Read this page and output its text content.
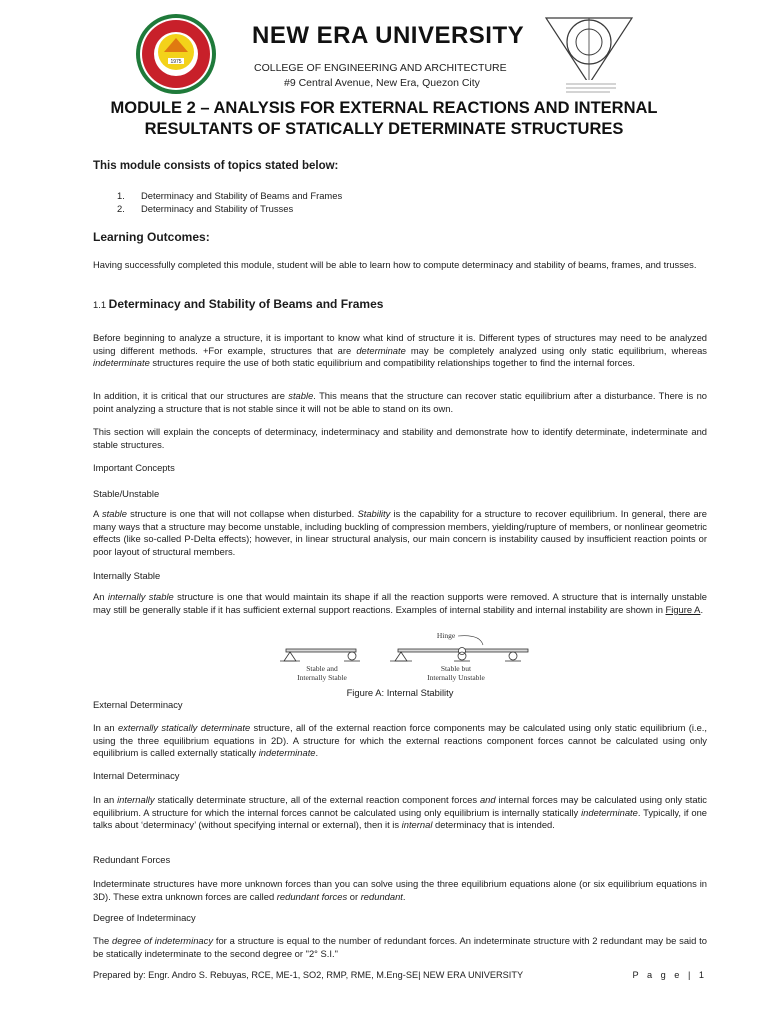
1975
NEW ERA UNIVERSITY
COLLEGE OF ENGINEERING AND ARCHITECTURE
#9 Central Avenue, New Era, Quezon City
MODULE 2 – ANALYSIS FOR EXTERNAL REACTIONS AND INTERNAL
RESULTANTS OF STATICALLY DETERMINATE STRUCTURES
This module consists of topics stated below:
1.	Determinacy and Stability of Beams and Frames
2.	Determinacy and Stability of Trusses
Learning Outcomes:

Having successfully completed this module, student will be able to learn how to compute determinacy and stability of beams, frames, and trusses.

1.1 Determinacy and Stability of Beams and Frames

Before beginning to analyze a structure, it is important to know what kind of structure it is. Different types of structures may need to be analyzed using different methods. +For example, structures that are determinate may be completely analyzed using only static equilibrium, whereas indeterminate structures require the use of both static equilibrium and compatibility relationships together to find the internal forces.

In addition, it is critical that our structures are stable. This means that the structure can recover static equilibrium after a disturbance. There is no point analyzing a structure that is not stable since it will not be able to stand on its own.

This section will explain the concepts of determinacy, indeterminacy and stability and demonstrate how to identify determinate, indeterminate and stable structures.

Important Concepts
Stable/Unstable

A stable structure is one that will not collapse when disturbed. Stability is the capability for a structure to recover equilibrium. In general, there are many ways that a structure may become unstable, including buckling of compression members, yielding/rupture of members, or nonlinear geometric effects (like so-called P-Delta effects); however, in linear structural analysis, our main concern is instability caused by insufficient reaction points or poor layout of structural members.

Internally Stable

An internally stable structure is one that would maintain its shape if all the reaction supports were removed. A structure that is internally unstable may still be generally stable if it has sufficient external support reactions. Examples of internal stability and internal instability are shown in Figure A.

Stable and
Internally Stable
Hinge
Stable but
Internally Unstable
Figure A: Internal Stability
External Determinacy

In an externally statically determinate structure, all of the external reaction force components may be calculated using only static equilibrium (i.e., using the three equilibrium equations in 2D). A structure for which the external reactions component forces cannot be calculated using only equilibrium is called externally statically indeterminate.

Internal Determinacy

In an internally statically determinate structure, all of the external reaction component forces and internal forces may be calculated using only static equilibrium. A structure for which the internal forces cannot be calculated using only equilibrium is internally statically indeterminate. Typically, if one talks about ‘determinacy’ (without specifying internal or external), then it is internal determinacy that is intended.

Redundant Forces

Indeterminate structures have more unknown forces than you can solve using the three equilibrium equations alone (or six equilibrium equations in 3D). These extra unknown forces are called redundant forces or redundant.

Degree of Indeterminacy

The degree of indeterminacy for a structure is equal to the number of redundant forces. An indeterminate structure with 2 redundant may be said to be statically indeterminate to the second degree or "2° S.I."

Prepared by: Engr. Andro S. Rebuyas, RCE, ME-1, SO2, RMP, RME, M.Eng-SE| NEW ERA UNIVERSITY	P a g e | 1
